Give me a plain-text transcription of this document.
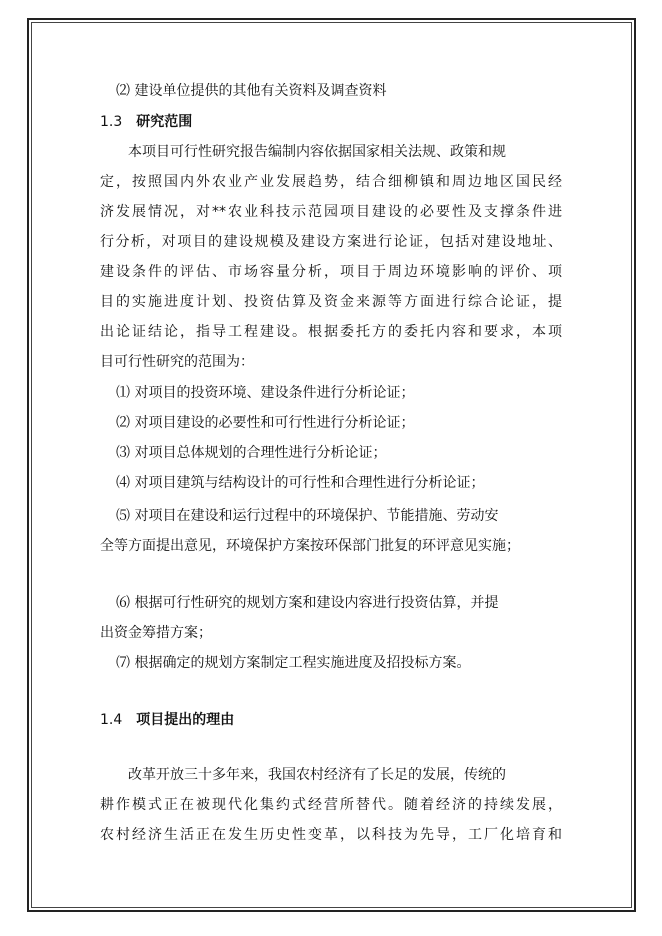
⑵ 建设单位提供的其他有关资料及调查资料
1.3 研究范围
本项目可行性研究报告编制内容依据国家相关法规、政策和规
定，按照国内外农业产业发展趋势，结合细柳镇和周边地区国民经
济发展情况，对**农业科技示范园项目建设的必要性及支撑条件进
行分析，对项目的建设规模及建设方案进行论证，包括对建设地址、
建设条件的评估、市场容量分析，项目于周边环境影响的评价、项
目的实施进度计划、投资估算及资金来源等方面进行综合论证，提
出论证结论，指导工程建设。根据委托方的委托内容和要求，本项
目可行性研究的范围为：
⑴ 对项目的投资环境、建设条件进行分析论证；
⑵ 对项目建设的必要性和可行性进行分析论证；
⑶ 对项目总体规划的合理性进行分析论证；
⑷ 对项目建筑与结构设计的可行性和合理性进行分析论证；
⑸ 对项目在建设和运行过程中的环境保护、节能措施、劳动安
全等方面提出意见，环境保护方案按环保部门批复的环评意见实施；
⑹ 根据可行性研究的规划方案和建设内容进行投资估算，并提
出资金筹措方案；
⑺ 根据确定的规划方案制定工程实施进度及招投标方案。
1.4 项目提出的理由
改革开放三十多年来，我国农村经济有了长足的发展，传统的
耕作模式正在被现代化集约式经营所替代。随着经济的持续发展，
农村经济生活正在发生历史性变革，以科技为先导，工厂化培育和
